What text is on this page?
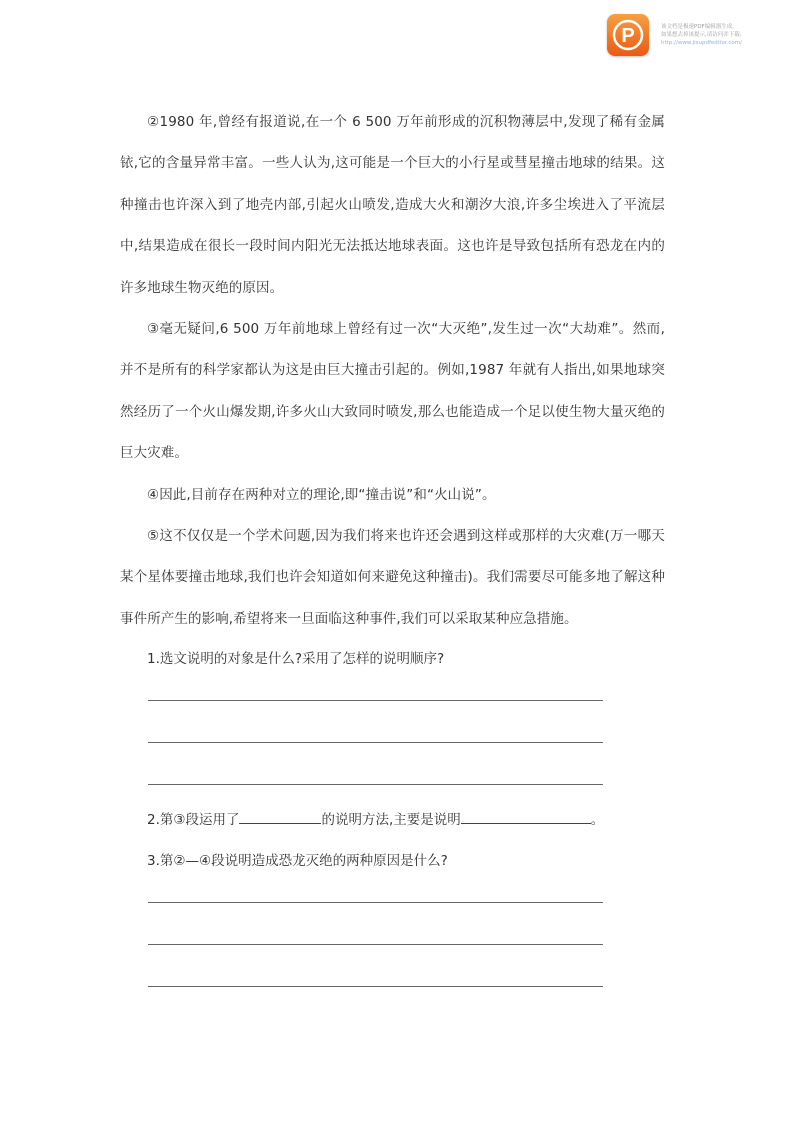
P	该文档是极速PDF编辑器生成,
如果想去掉该提示,请访问并下载:
http://www.jisupdfeditor.com/

②1980 年,曾经有报道说,在一个 6 500 万年前形成的沉积物薄层中,发现了稀有金属铱,它的含量异常丰富。一些人认为,这可能是一个巨大的小行星或彗星撞击地球的结果。这种撞击也许深入到了地壳内部,引起火山喷发,造成大火和潮汐大浪,许多尘埃进入了平流层中,结果造成在很长一段时间内阳光无法抵达地球表面。这也许是导致包括所有恐龙在内的许多地球生物灭绝的原因。

③毫无疑问,6 500 万年前地球上曾经有过一次“大灭绝”,发生过一次“大劫难”。然而,并不是所有的科学家都认为这是由巨大撞击引起的。例如,1987 年就有人指出,如果地球突然经历了一个火山爆发期,许多火山大致同时喷发,那么也能造成一个足以使生物大量灭绝的巨大灾难。

④因此,目前存在两种对立的理论,即“撞击说”和“火山说”。

⑤这不仅仅是一个学术问题,因为我们将来也许还会遇到这样或那样的大灾难(万一哪天某个星体要撞击地球,我们也许会知道如何来避免这种撞击)。我们需要尽可能多地了解这种事件所产生的影响,希望将来一旦面临这种事件,我们可以采取某种应急措施。

1.选文说明的对象是什么?采用了怎样的说明顺序?

2.第③段运用了	的说明方法,主要是说明	。

3.第②—④段说明造成恐龙灭绝的两种原因是什么?
